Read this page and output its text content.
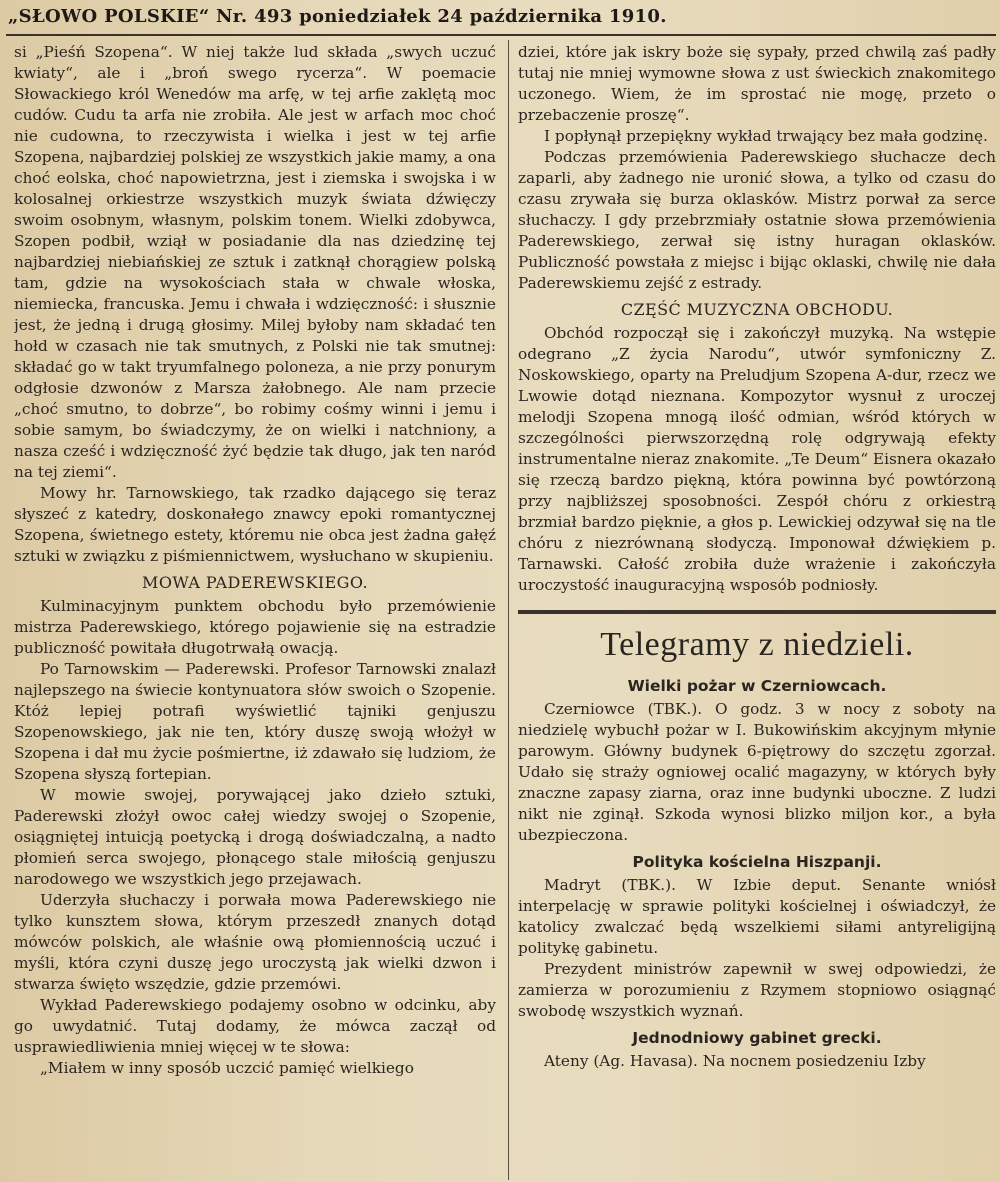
„SŁOWO POLSKIE“ Nr. 493 poniedziałek 24 października 1910.

si „Pieśń Szopena“. W niej także lud składa „swych uczuć kwiaty“, ale i „broń swego rycerza“. W poemacie Słowackiego król Wenedów ma arfę, w tej arfie zaklętą moc cudów. Cudu ta arfa nie zrobiła. Ale jest w arfach moc choć nie cudowna, to rzeczywista i wielka i jest w tej arfie Szopena, najbardziej polskiej ze wszystkich jakie mamy, a ona choć eolska, choć napowietrzna, jest i ziemska i swojska i w kolosalnej orkiestrze wszystkich muzyk świata dźwięczy swoim osobnym, własnym, polskim tonem. Wielki zdobywca, Szopen podbił, wziął w posiadanie dla nas dziedzinę tej najbardziej niebiańskiej ze sztuk i zatknął chorągiew polską tam, gdzie na wysokościach stała w chwale włoska, niemiecka, francuska. Jemu i chwała i wdzięczność: i słusznie jest, że jedną i drugą głosimy. Milej byłoby nam składać ten hołd w czasach nie tak smutnych, z Polski nie tak smutnej: składać go w takt tryumfalnego poloneza, a nie przy ponurym odgłosie dzwonów z Marsza żałobnego. Ale nam przecie „choć smutno, to dobrze“, bo robimy cośmy winni i jemu i sobie samym, bo świadczymy, że on wielki i natchniony, a nasza cześć i wdzięczność żyć będzie tak długo, jak ten naród na tej ziemi“.

Mowy hr. Tarnowskiego, tak rzadko dającego się teraz słyszeć z katedry, doskonałego znawcy epoki romantycznej Szopena, świetnego estety, któremu nie obca jest żadna gałęź sztuki w związku z piśmiennictwem, wysłuchano w skupieniu.

MOWA PADEREWSKIEGO.

Kulminacyjnym punktem obchodu było przemówienie mistrza Paderewskiego, którego pojawienie się na estradzie publiczność powitała długotrwałą owacją.

Po Tarnowskim — Paderewski. Profesor Tarnowski znalazł najlepszego na świecie kontynuatora słów swoich o Szopenie. Któż lepiej potrafi wyświetlić tajniki genjuszu Szopenowskiego, jak nie ten, który duszę swoją włożył w Szopena i dał mu życie pośmiertne, iż zdawało się ludziom, że Szopena słyszą fortepian.

W mowie swojej, porywającej jako dzieło sztuki, Paderewski złożył owoc całej wiedzy swojej o Szopenie, osiągniętej intuicją poetycką i drogą doświadczalną, a nadto płomień serca swojego, płonącego stale miłością genjuszu narodowego we wszystkich jego przejawach.

Uderzyła słuchaczy i porwała mowa Paderewskiego nie tylko kunsztem słowa, którym przeszedł znanych dotąd mówców polskich, ale właśnie ową płomiennością uczuć i myśli, która czyni duszę jego uroczystą jak wielki dzwon i stwarza święto wszędzie, gdzie przemówi.

Wykład Paderewskiego podajemy osobno w odcinku, aby go uwydatnić. Tutaj dodamy, że mówca zaczął od usprawiedliwienia mniej więcej w te słowa:

„Miałem w inny sposób uczcić pamięć wielkiego

dziei, które jak iskry boże się sypały, przed chwilą zaś padły tutaj nie mniej wymowne słowa z ust świeckich znakomitego uczonego. Wiem, że im sprostać nie mogę, przeto o przebaczenie proszę“.

I popłynął przepiękny wykład trwający bez mała godzinę.

Podczas przemówienia Paderewskiego słuchacze dech zaparli, aby żadnego nie uronić słowa, a tylko od czasu do czasu zrywała się burza oklasków. Mistrz porwał za serce słuchaczy. I gdy przebrzmiały ostatnie słowa przemówienia Paderewskiego, zerwał się istny huragan oklasków. Publiczność powstała z miejsc i bijąc oklaski, chwilę nie dała Paderewskiemu zejść z estrady.

CZĘŚĆ MUZYCZNA OBCHODU.

Obchód rozpoczął się i zakończył muzyką. Na wstępie odegrano „Z życia Narodu“, utwór symfoniczny Z. Noskowskiego, oparty na Preludjum Szopena A-dur, rzecz we Lwowie dotąd nieznana. Kompozytor wysnuł z uroczej melodji Szopena mnogą ilość odmian, wśród których w szczególności pierwszorzędną rolę odgrywają efekty instrumentalne nieraz znakomite. „Te Deum“ Eisnera okazało się rzeczą bardzo piękną, która powinna być powtórzoną przy najbliższej sposobności. Zespół chóru z orkiestrą brzmiał bardzo pięknie, a głos p. Lewickiej odzywał się na tle chóru z niezrównaną słodyczą. Imponował dźwiękiem p. Tarnawski. Całość zrobiła duże wrażenie i zakończyła uroczystość inauguracyjną wsposób podniosły.

Telegramy z niedzieli.
Wielki pożar w Czerniowcach.

Czerniowce (TBK.). O godz. 3 w nocy z soboty na niedzielę wybuchł pożar w I. Bukowińskim akcyjnym młynie parowym. Główny budynek 6-piętrowy do szczętu zgorzał. Udało się straży ogniowej ocalić magazyny, w których były znaczne zapasy ziarna, oraz inne budynki uboczne. Z ludzi nikt nie zginął. Szkoda wynosi blizko miljon kor., a była ubezpieczona.

Polityka kościelna Hiszpanji.

Madryt (TBK.). W Izbie deput. Senante wniósł interpelację w sprawie polityki kościelnej i oświadczył, że katolicy zwalczać będą wszelkiemi siłami antyreligijną politykę gabinetu.

Prezydent ministrów zapewnił w swej odpowiedzi, że zamierza w porozumieniu z Rzymem stopniowo osiągnąć swobodę wszystkich wyznań.

Jednodniowy gabinet grecki.

Ateny (Ag. Havasa). Na nocnem posiedzeniu Izby
